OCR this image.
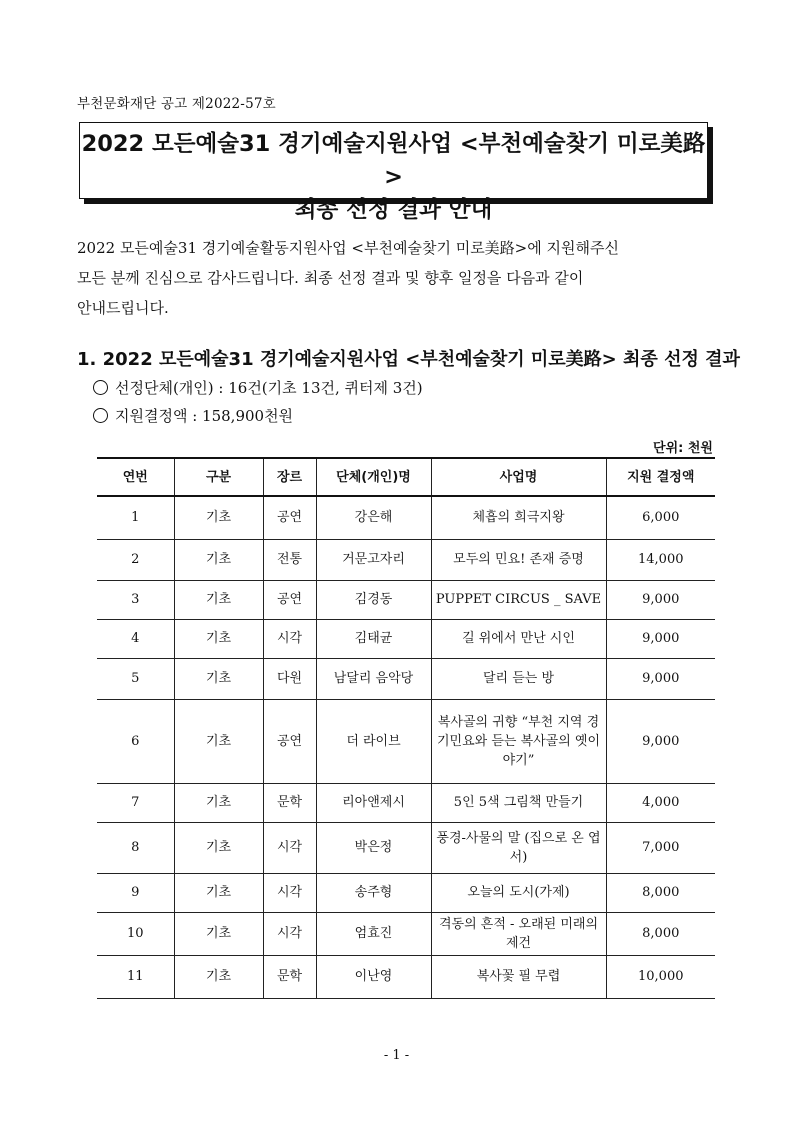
부천문화재단 공고 제2022-57호
2022 모든예술31 경기예술지원사업 <부천예술찾기 미로美路>
최종 선정 결과 안내
2022 모든예술31 경기예술활동지원사업 <부천예술찾기 미로美路>에 지원해주신
모든 분께 진심으로 감사드립니다. 최종 선정 결과 및 향후 일정을 다음과 같이
안내드립니다.
1. 2022 모든예술31 경기예술지원사업 <부천예술찾기 미로美路> 최종 선정 결과
선정단체(개인) : 16건(기초 13건, 퀴터제 3건)
지원결정액 : 158,900천원
단위: 천원
연번	구분	장르	단체(개인)명	사업명	지원 결정액
1	기초	공연	강은해	체흡의 희극지왕	6,000
2	기초	전통	거문고자리	모두의 민요! 존재 증명	14,000
3	기초	공연	김경동	PUPPET CIRCUS _ SAVE	9,000
4	기초	시각	김태균	길 위에서 만난 시인	9,000
5	기초	다원	남달리 음악당	달리 듣는 방	9,000
6	기초	공연	더 라이브	복사골의 귀향 “부천 지역 경기민요와 듣는 복사골의 옛이야기”	9,000
7	기초	문학	리아앤제시	5인 5색 그림책 만들기	4,000
8	기초	시각	박은정	풍경-사물의 말 (집으로 온 엽서)	7,000
9	기초	시각	송주형	오늘의 도시(가제)	8,000
10	기초	시각	엄효진	격동의 흔적 - 오래된 미래의 제건	8,000
11	기초	문학	이난영	복사꽃 필 무렵	10,000
- 1 -
